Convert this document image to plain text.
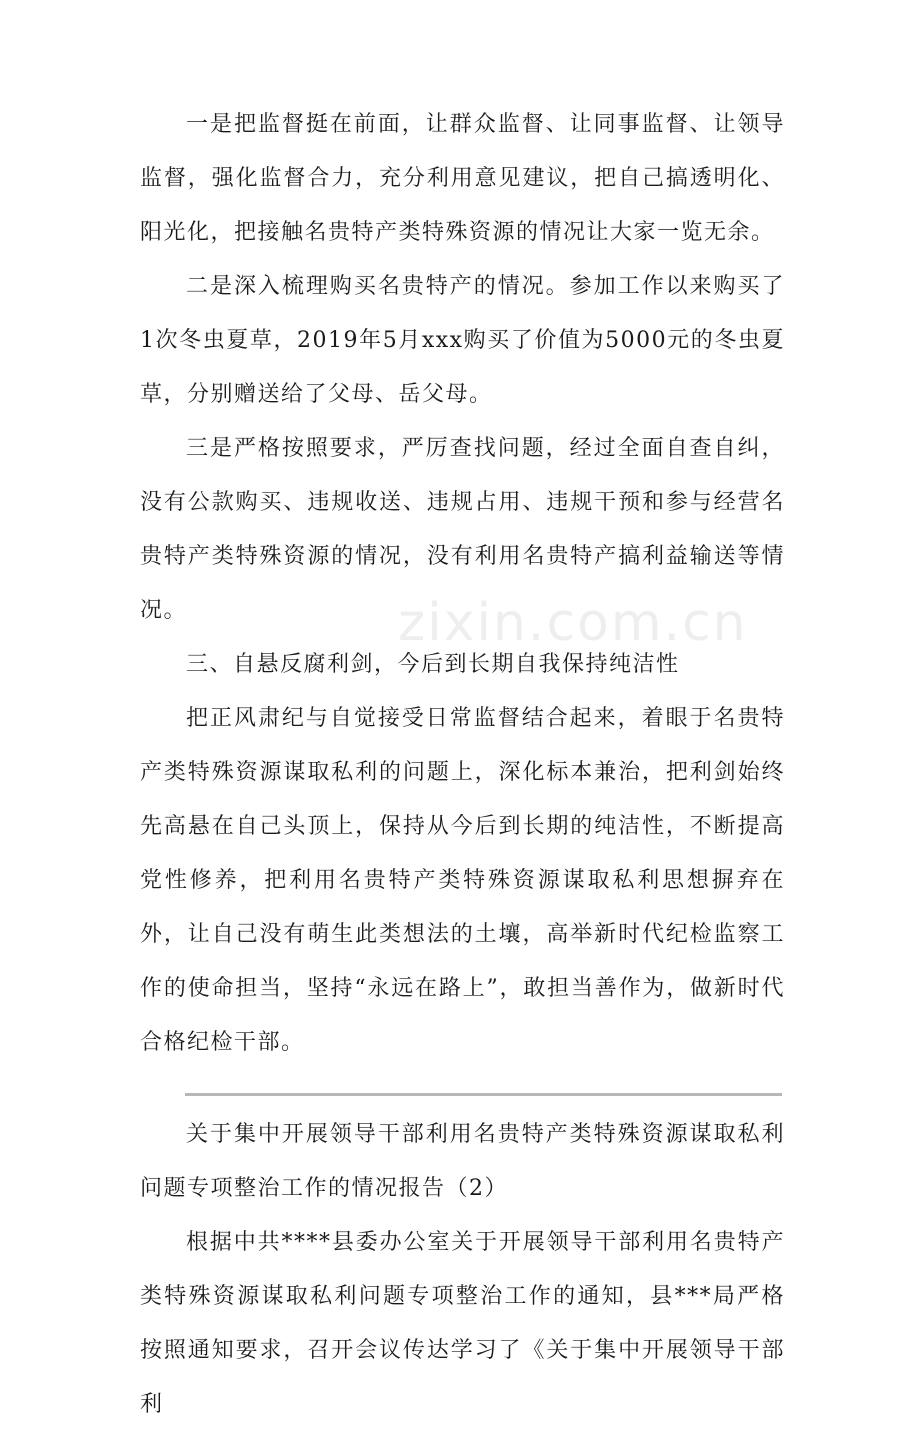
一是把监督挺在前面，让群众监督、让同事监督、让领导监督，强化监督合力，充分利用意见建议，把自己搞透明化、阳光化，把接触名贵特产类特殊资源的情况让大家一览无余。

二是深入梳理购买名贵特产的情况。参加工作以来购买了1次冬虫夏草，2019年5月xxx购买了价值为5000元的冬虫夏草，分别赠送给了父母、岳父母。

三是严格按照要求，严厉查找问题，经过全面自查自纠，没有公款购买、违规收送、违规占用、违规干预和参与经营名贵特产类特殊资源的情况，没有利用名贵特产搞利益输送等情况。

三、自悬反腐利剑，今后到长期自我保持纯洁性

把正风肃纪与自觉接受日常监督结合起来，着眼于名贵特产类特殊资源谋取私利的问题上，深化标本兼治，把利剑始终先高悬在自己头顶上，保持从今后到长期的纯洁性，不断提高党性修养，把利用名贵特产类特殊资源谋取私利思想摒弃在外，让自己没有萌生此类想法的土壤，高举新时代纪检监察工作的使命担当，坚持“永远在路上”，敢担当善作为，做新时代合格纪检干部。

关于集中开展领导干部利用名贵特产类特殊资源谋取私利问题专项整治工作的情况报告（2）

根据中共****县委办公室关于开展领导干部利用名贵特产类特殊资源谋取私利问题专项整治工作的通知，县***局严格按照通知要求，召开会议传达学习了《关于集中开展领导干部利

zixin.com.cn
